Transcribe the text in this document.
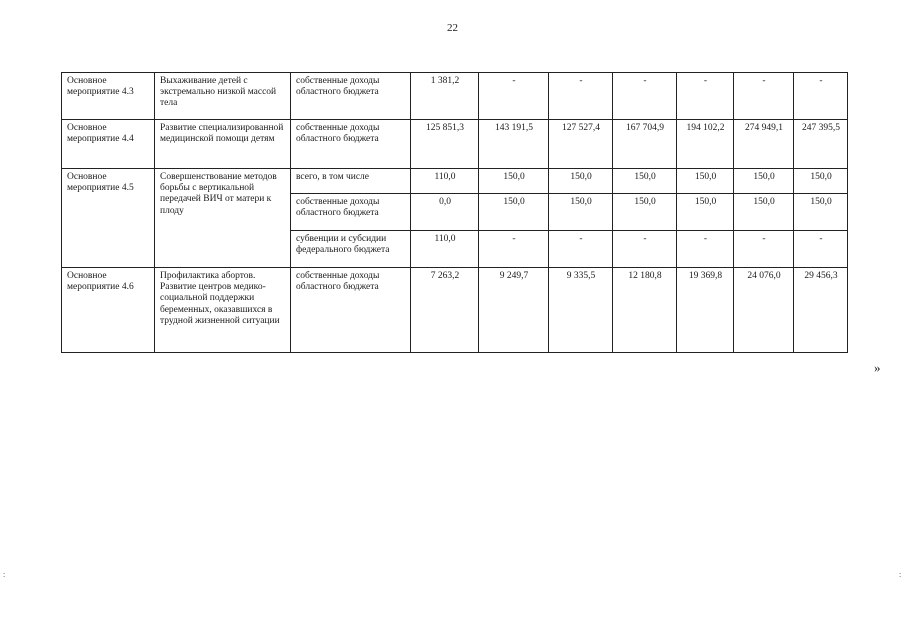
22
Основное мероприятие 4.3	Выхаживание детей с экстремально низкой массой тела	собственные доходы областного бюджета	1 381,2	-	-	-	-	-	-
Основное мероприятие 4.4	Развитие специализированной медицинской помощи детям	собственные доходы областного бюджета	125 851,3	143 191,5	127 527,4	167 704,9	194 102,2	274 949,1	247 395,5
Основное мероприятие 4.5	Совершенствование методов борьбы с вертикальной передачей ВИЧ от матери к плоду	всего, в том числе	110,0	150,0	150,0	150,0	150,0	150,0	150,0
		собственные доходы областного бюджета	0,0	150,0	150,0	150,0	150,0	150,0	150,0
		субвенции и субсидии федерального бюджета	110,0	-	-	-	-	-	-
Основное мероприятие 4.6	Профилактика абортов. Развитие центров медико-социальной поддержки беременных, оказавшихся в трудной жизненной ситуации	собственные доходы областного бюджета	7 263,2	9 249,7	9 335,5	12 180,8	19 369,8	24 076,0	29 456,3
»
:	:
